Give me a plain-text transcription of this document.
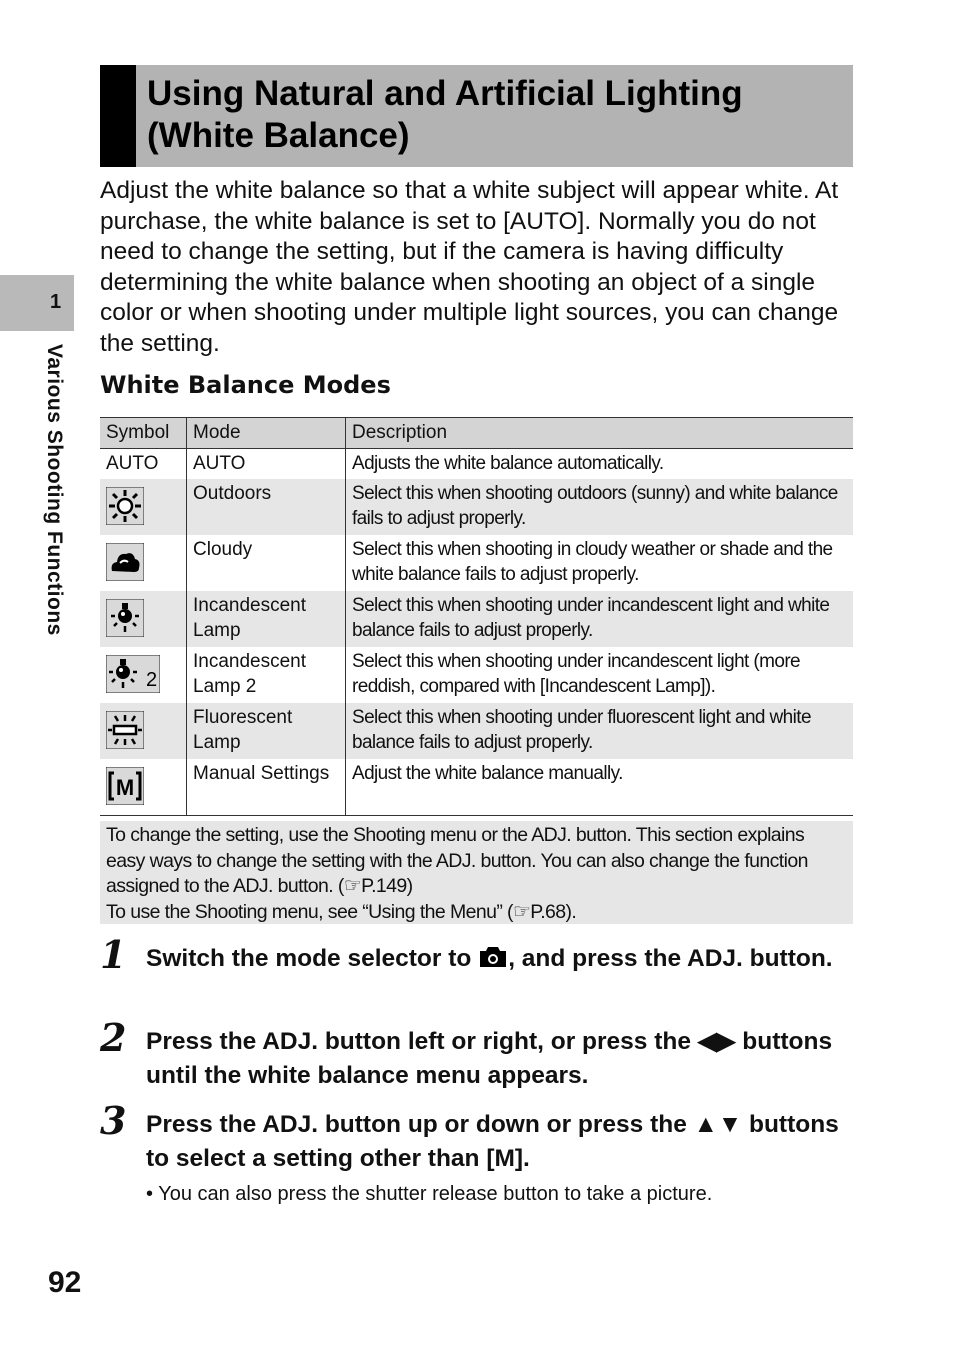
1
Various Shooting Functions
Using Natural and Artificial Lighting
(White Balance)

Adjust the white balance so that a white subject will appear white. At purchase, the white balance is set to [AUTO]. Normally you do not need to change the setting, but if the camera is having difficulty determining the white balance when shooting an object of a single color or when shooting under multiple light sources, you can change the setting.

White Balance Modes
Symbol	Mode	Description
AUTO	AUTO	Adjusts the white balance automatically.
	Outdoors	Select this when shooting outdoors (sunny) and white balance fails to adjust properly.
	Cloudy	Select this when shooting in cloudy weather or shade and the white balance fails to adjust properly.
	Incandescent Lamp	Select this when shooting under incandescent light and white balance fails to adjust properly.

2	Incandescent Lamp 2	Select this when shooting under incandescent light (more reddish, compared with [Incandescent Lamp]).
	Fluorescent Lamp	Select this when shooting under fluorescent light and white balance fails to adjust properly.

M	Manual Settings	Adjust the white balance manually.
To change the setting, use the Shooting menu or the ADJ. button. This section explains easy ways to change the setting with the ADJ. button. You can also change the function assigned to the ADJ. button. (☞P.149)
To use the Shooting menu, see “Using the Menu” (☞P.68).
1 Switch the mode selector to , and press the ADJ. button.
2 Press the ADJ. button left or right, or press the ◀▶ buttons until the white balance menu appears.
3 Press the ADJ. button up or down or press the ▲▼ buttons to select a setting other than [M].
• You can also press the shutter release button to take a picture.
92
